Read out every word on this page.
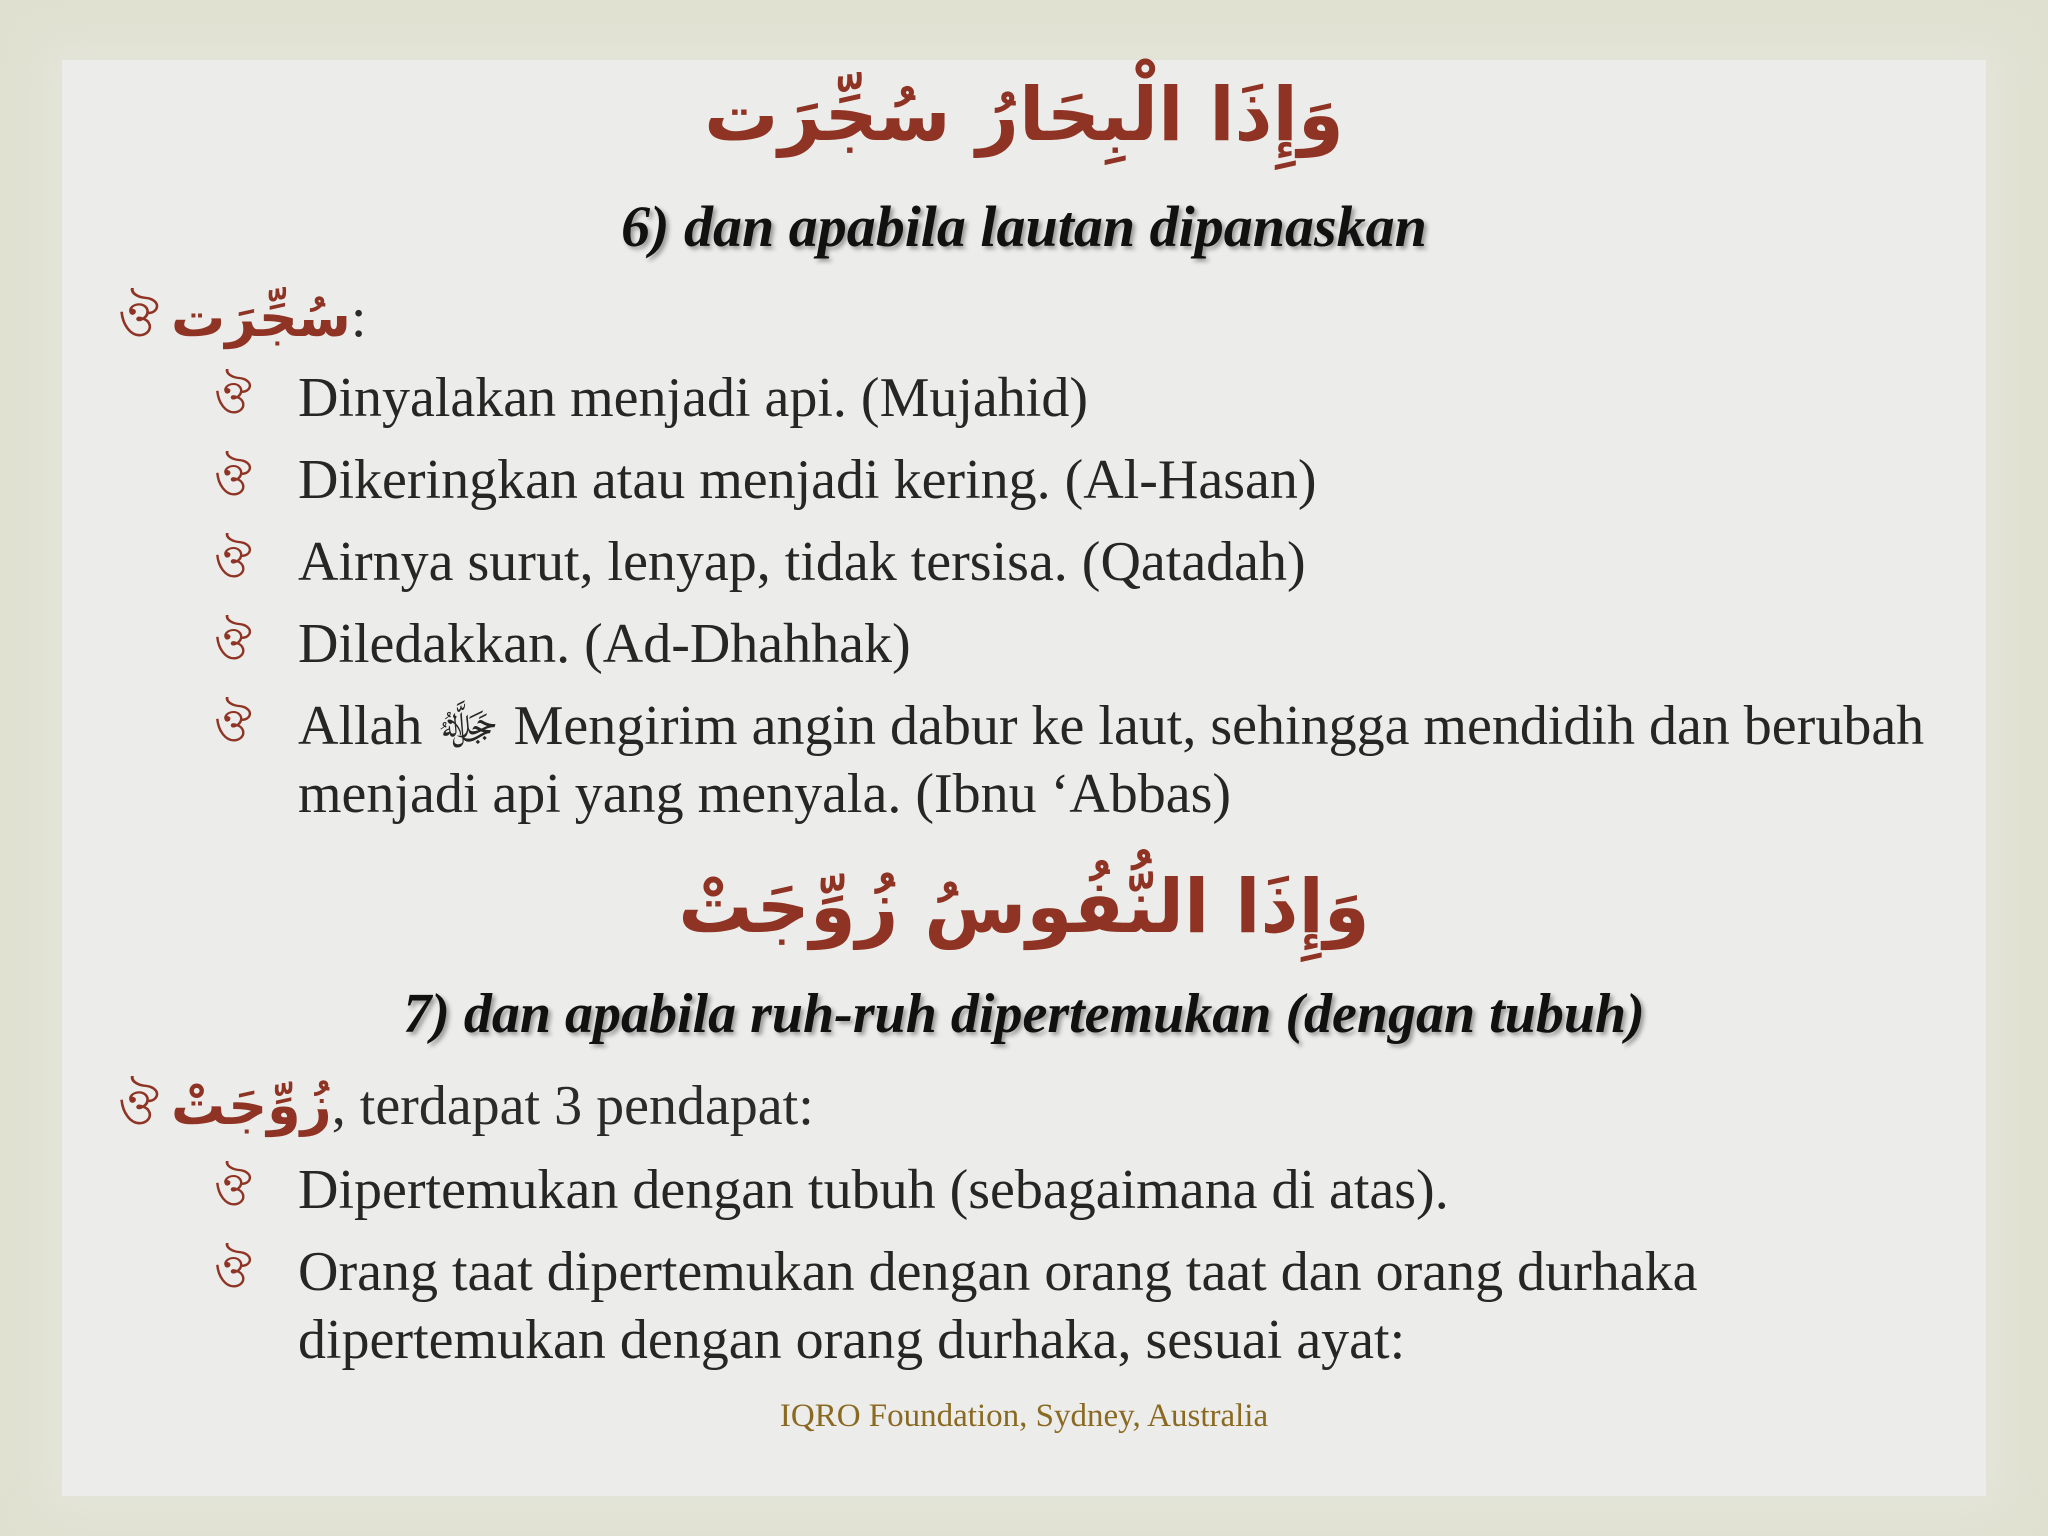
وَإِذَا الْبِحَارُ سُجِّرَت
6) dan apabila lautan dipanaskan
ঔ سُجِّرَت:
ঔ Dinyalakan menjadi api. (Mujahid)
ঔ Dikeringkan atau menjadi kering. (Al-Hasan)
ঔ Airnya surut, lenyap, tidak tersisa. (Qatadah)
ঔ Diledakkan. (Ad-Dhahhak)
ঔ Allah ﷻ Mengirim angin dabur ke laut, sehingga mendidih dan berubah menjadi api yang menyala. (Ibnu ‘Abbas)
وَإِذَا النُّفُوسُ زُوِّجَتْ
7) dan apabila ruh-ruh dipertemukan (dengan tubuh)
ঔ زُوِّجَتْ, terdapat 3 pendapat:
ঔ Dipertemukan dengan tubuh (sebagaimana di atas).
ঔ Orang taat dipertemukan dengan orang taat dan orang durhaka dipertemukan dengan orang durhaka, sesuai ayat:
IQRO Foundation, Sydney, Australia
